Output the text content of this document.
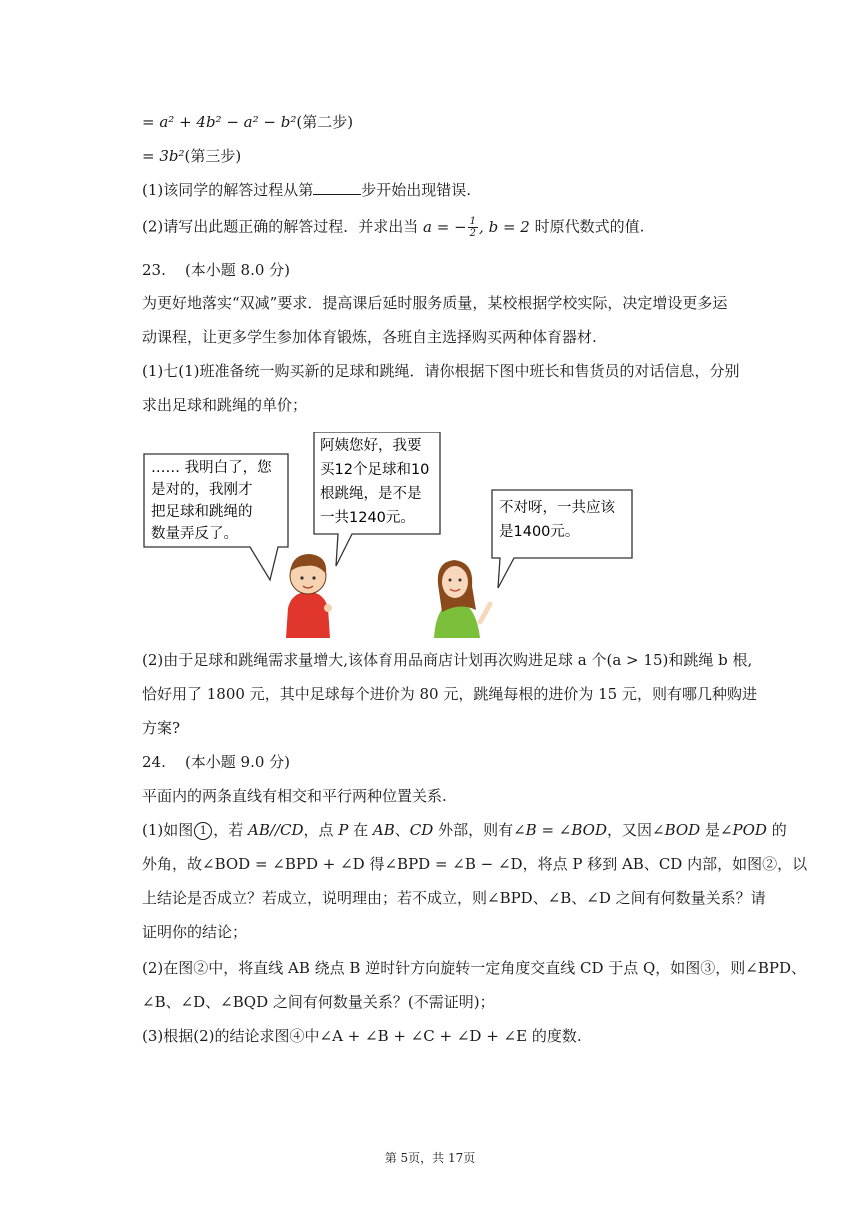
= a² + 4b² − a² − b²(第二步)
= 3b²(第三步)
(1)该同学的解答过程从第	步开始出现错误.
(2)请写出此题正确的解答过程．并求出当 a = − $\frac{1}{2}$ , b = 2 时原代数式的值.
23. (本小题 8.0 分)
为更好地落实“双减”要求．提高课后延时服务质量，某校根据学校实际，决定增设更多运
动课程，让更多学生参加体育锻炼，各班自主选择购买两种体育器材.
(1)七(1)班准备统一购买新的足球和跳绳．请你根据下图中班长和售货员的对话信息，分别
求出足球和跳绳的单价；
…… 我明白了，您
是对的，我刚才
把足球和跳绳的
数量弄反了。
阿姨您好，我要
买12个足球和10
根跳绳，是不是
一共1240元。
不对呀，一共应该
是1400元。
(2)由于足球和跳绳需求量增大,该体育用品商店计划再次购进足球 a 个(a > 15)和跳绳 b 根,
恰好用了 1800 元，其中足球每个进价为 80 元，跳绳每根的进价为 15 元，则有哪几种购进
方案?
24. (本小题 9.0 分)
平面内的两条直线有相交和平行两种位置关系.
(1)如图 1 ，若 AB//CD，点 P 在 AB、CD 外部，则有∠B = ∠BOD，又因∠BOD 是∠POD 的
外角，故∠BOD = ∠BPD + ∠D 得∠BPD = ∠B − ∠D，将点 P 移到 AB、CD 内部，如图②，以
上结论是否成立？若成立，说明理由；若不成立，则∠BPD、∠B、∠D 之间有何数量关系？请
证明你的结论；
(2)在图②中，将直线 AB 绕点 B 逆时针方向旋转一定角度交直线 CD 于点 Q，如图③，则∠BPD、
∠B、∠D、∠BQD 之间有何数量关系？(不需证明)；
(3)根据(2)的结论求图④中∠A + ∠B + ∠C + ∠D + ∠E 的度数.
第 5页，共 17页
